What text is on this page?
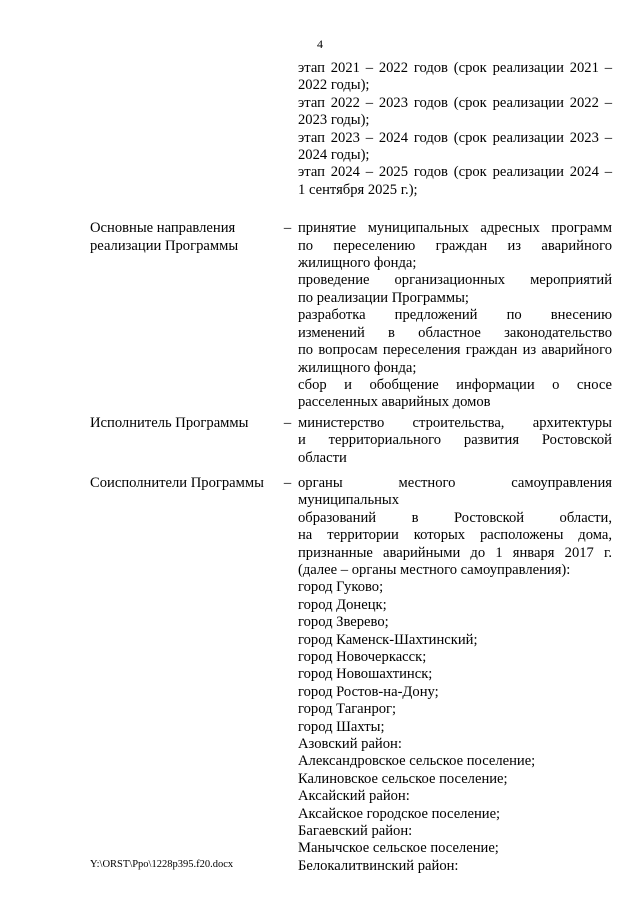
4

этап 2021 – 2022 годов (срок реализации 2021 –

2022 годы);

этап 2022 – 2023 годов (срок реализации 2022 –

2023 годы);

этап 2023 – 2024 годов (срок реализации 2023 –

2024 годы);

этап 2024 – 2025 годов (срок реализации 2024 –

1 сентября 2025 г.);

Основные направления
реализации Программы
– принятие муниципальных адресных программ

по переселению граждан из аварийного

жилищного фонда;

проведение организационных мероприятий

по реализации Программы;

разработка предложений по внесению

изменений в областное законодательство

по вопросам переселения граждан из аварийного

жилищного фонда;

сбор и обобщение информации о сносе

расселенных аварийных домов

Исполнитель Программы	– министерство строительства, архитектуры

и территориального развития Ростовской

области

Соисполнители Программы	– органы местного самоуправления муниципальных

образований в Ростовской области,

на территории которых расположены дома,

признанные аварийными до 1 января 2017 г.

(далее – органы местного самоуправления):

город Гуково;

город Донецк;

город Зверево;

город Каменск-Шахтинский;

город Новочеркасск;

город Новошахтинск;

город Ростов-на-Дону;

город Таганрог;

город Шахты;

Азовский район:

Александровское сельское поселение;

Калиновское сельское поселение;

Аксайский район:

Аксайское городское поселение;

Багаевский район:

Манычское сельское поселение;

Белокалитвинский район:

Y:\ORST\Ppo\1228p395.f20.docx
